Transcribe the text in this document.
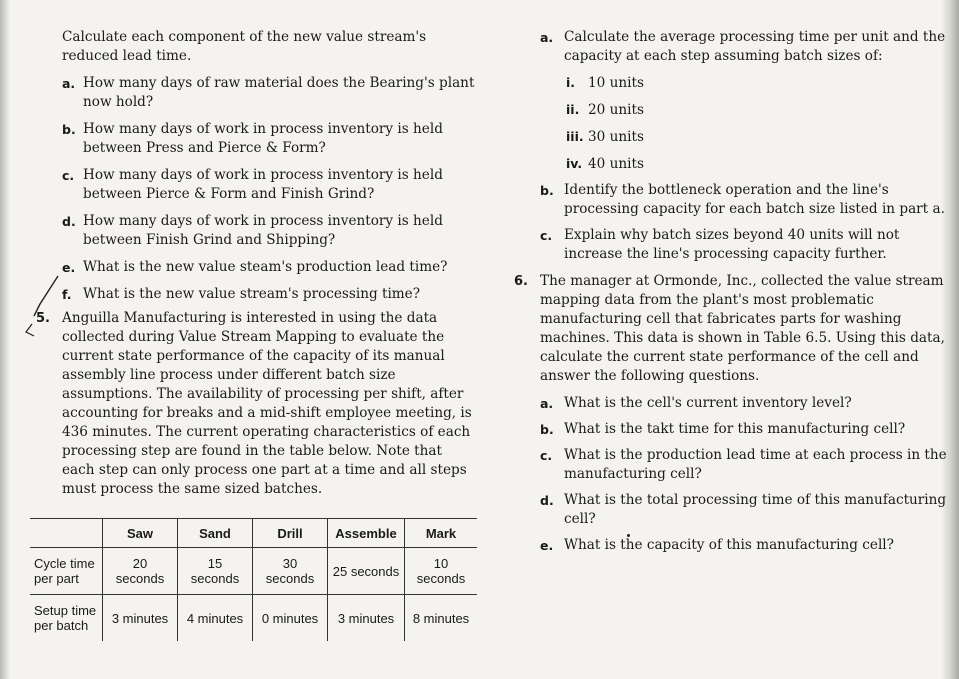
Calculate each component of the new value stream's reduced lead time.

a. How many days of raw material does the Bearing's plant now hold?
b. How many days of work in process inventory is held between Press and Pierce & Form?
c. How many days of work in process inventory is held between Pierce & Form and Finish Grind?
d. How many days of work in process inventory is held between Finish Grind and Shipping?
e. What is the new value steam's production lead time?
f. What is the new value stream's processing time?
5. Anguilla Manufacturing is interested in using the data collected during Value Stream Mapping to evaluate the current state performance of the capacity of its manual assembly line process under different batch size assumptions. The availability of processing per shift, after accounting for breaks and a mid-shift employee meeting, is 436 minutes. The current operating characteristics of each processing step are found in the table below. Note that each step can only process one part at a time and all steps must process the same sized batches.
	Saw	Sand	Drill	Assemble	Mark
Cycle time per part	20 seconds	15 seconds	30 seconds	25 seconds	10 seconds
Setup time per batch	3 minutes	4 minutes	0 minutes	3 minutes	8 minutes
a. Calculate the average processing time per unit and the capacity at each step assuming batch sizes of:
i. 10 units
ii. 20 units
iii. 30 units
iv. 40 units
b. Identify the bottleneck operation and the line's processing capacity for each batch size listed in part a.
c. Explain why batch sizes beyond 40 units will not increase the line's processing capacity further.
6. The manager at Ormonde, Inc., collected the value stream mapping data from the plant's most problematic manufacturing cell that fabricates parts for washing machines. This data is shown in Table 6.5. Using this data, calculate the current state performance of the cell and answer the following questions.
a. What is the cell's current inventory level?
b. What is the takt time for this manufacturing cell?
c. What is the production lead time at each process in the manufacturing cell?
d. What is the total processing time of this manufacturing cell?
e. What is the capacity of this manufacturing cell?
